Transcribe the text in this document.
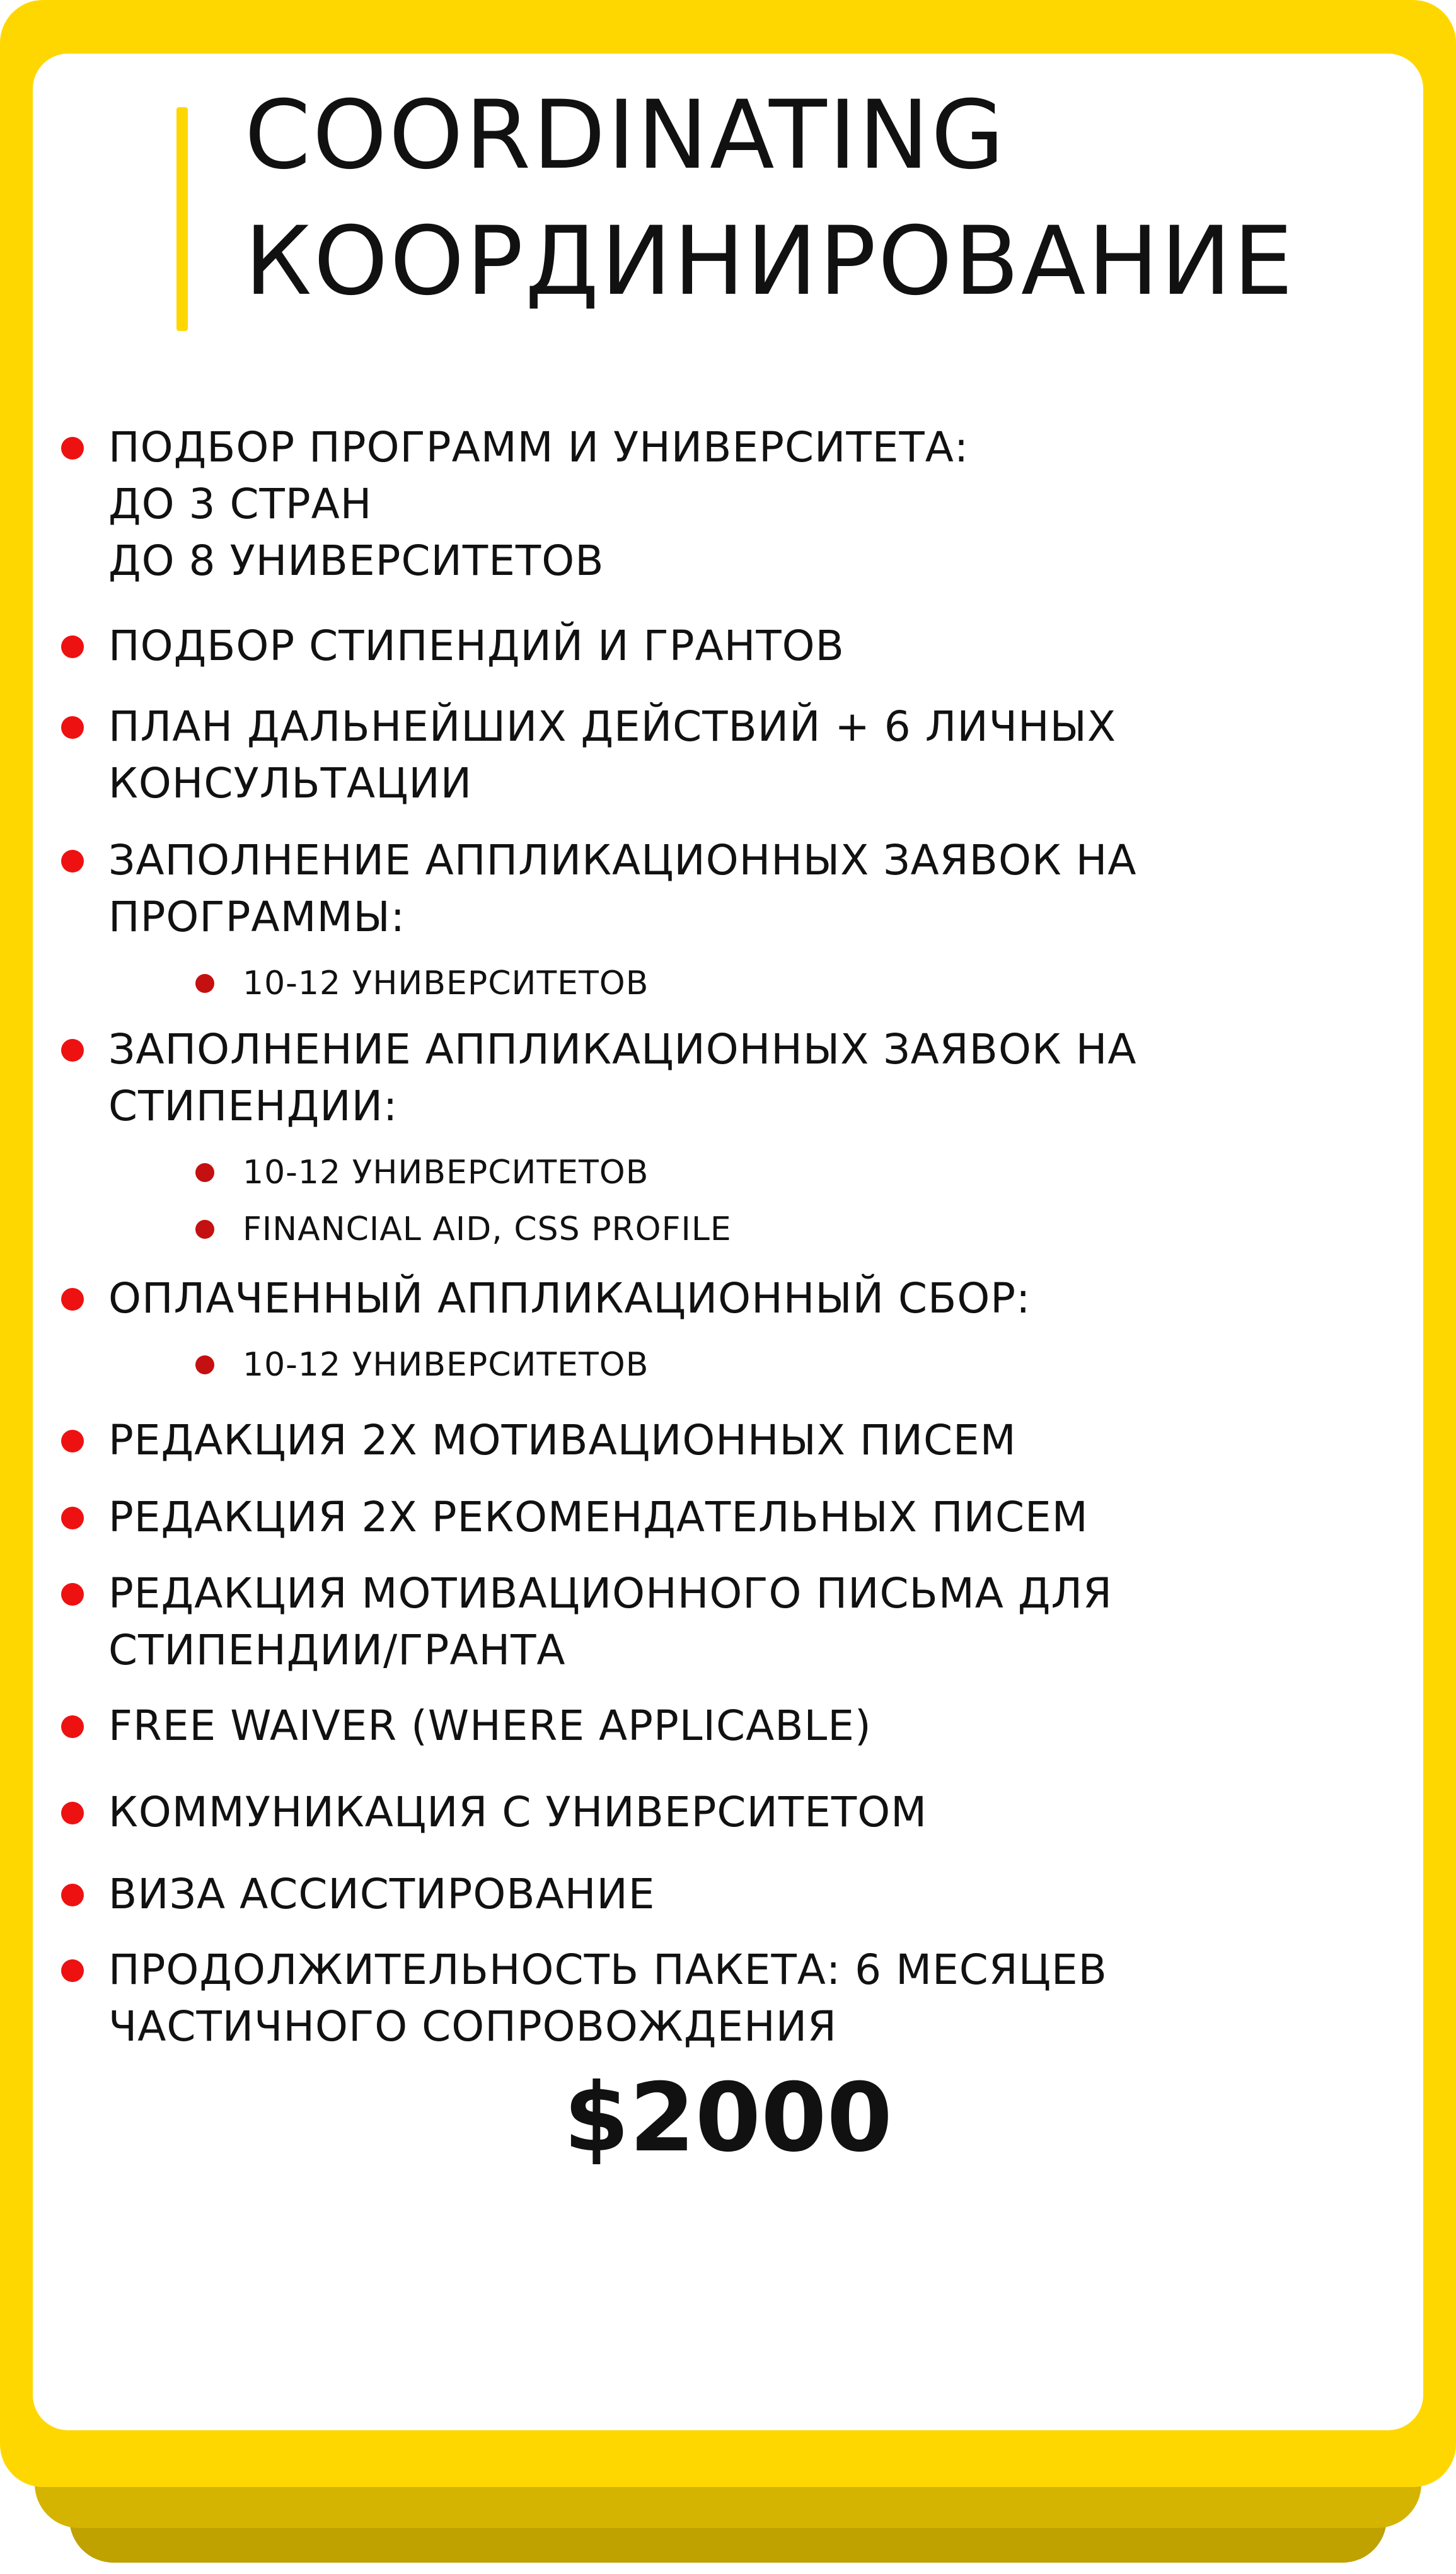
COORDINATING
КООРДИНИРОВАНИЕ
ПОДБОР ПРОГРАММ И УНИВЕРСИТЕТА:
ДО 3 СТРАН
ДО 8 УНИВЕРСИТЕТОВ
ПОДБОР СТИПЕНДИЙ И ГРАНТОВ
ПЛАН ДАЛЬНЕЙШИХ ДЕЙСТВИЙ + 6 ЛИЧНЫХ
КОНСУЛЬТАЦИИ
ЗАПОЛНЕНИЕ АППЛИКАЦИОННЫХ ЗАЯВОК НА
ПРОГРАММЫ:
10-12 УНИВЕРСИТЕТОВ
ЗАПОЛНЕНИЕ АППЛИКАЦИОННЫХ ЗАЯВОК НА
СТИПЕНДИИ:
10-12 УНИВЕРСИТЕТОВ
FINANCIAL AID, CSS PROFILE
ОПЛАЧЕННЫЙ АППЛИКАЦИОННЫЙ СБОР:
10-12 УНИВЕРСИТЕТОВ
РЕДАКЦИЯ 2Х МОТИВАЦИОННЫХ ПИСЕМ
РЕДАКЦИЯ 2Х РЕКОМЕНДАТЕЛЬНЫХ ПИСЕМ
РЕДАКЦИЯ МОТИВАЦИОННОГО ПИСЬМА ДЛЯ
СТИПЕНДИИ/ГРАНТА
FREE WAIVER (WHERE APPLICABLE)
КОММУНИКАЦИЯ С УНИВЕРСИТЕТОМ
ВИЗА АССИСТИРОВАНИЕ
ПРОДОЛЖИТЕЛЬНОСТЬ ПАКЕТА: 6 МЕСЯЦЕВ
ЧАСТИЧНОГО СОПРОВОЖДЕНИЯ
$2000
